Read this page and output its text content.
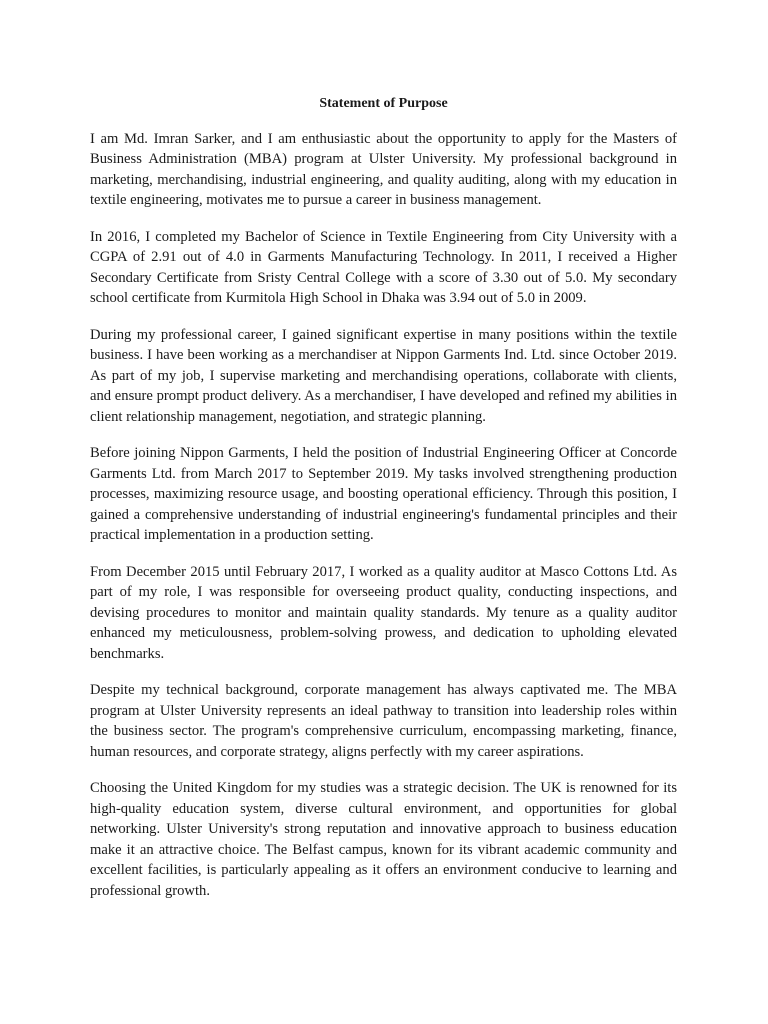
Statement of Purpose

I am Md. Imran Sarker, and I am enthusiastic about the opportunity to apply for the Masters of Business Administration (MBA) program at Ulster University. My professional background in marketing, merchandising, industrial engineering, and quality auditing, along with my education in textile engineering, motivates me to pursue a career in business management.

In 2016, I completed my Bachelor of Science in Textile Engineering from City University with a CGPA of 2.91 out of 4.0 in Garments Manufacturing Technology. In 2011, I received a Higher Secondary Certificate from Sristy Central College with a score of 3.30 out of 5.0. My secondary school certificate from Kurmitola High School in Dhaka was 3.94 out of 5.0 in 2009.

During my professional career, I gained significant expertise in many positions within the textile business. I have been working as a merchandiser at Nippon Garments Ind. Ltd. since October 2019. As part of my job, I supervise marketing and merchandising operations, collaborate with clients, and ensure prompt product delivery. As a merchandiser, I have developed and refined my abilities in client relationship management, negotiation, and strategic planning.

Before joining Nippon Garments, I held the position of Industrial Engineering Officer at Concorde Garments Ltd. from March 2017 to September 2019. My tasks involved strengthening production processes, maximizing resource usage, and boosting operational efficiency. Through this position, I gained a comprehensive understanding of industrial engineering's fundamental principles and their practical implementation in a production setting.

From December 2015 until February 2017, I worked as a quality auditor at Masco Cottons Ltd. As part of my role, I was responsible for overseeing product quality, conducting inspections, and devising procedures to monitor and maintain quality standards. My tenure as a quality auditor enhanced my meticulousness, problem-solving prowess, and dedication to upholding elevated benchmarks.

Despite my technical background, corporate management has always captivated me. The MBA program at Ulster University represents an ideal pathway to transition into leadership roles within the business sector. The program's comprehensive curriculum, encompassing marketing, finance, human resources, and corporate strategy, aligns perfectly with my career aspirations.

Choosing the United Kingdom for my studies was a strategic decision. The UK is renowned for its high-quality education system, diverse cultural environment, and opportunities for global networking. Ulster University's strong reputation and innovative approach to business education make it an attractive choice. The Belfast campus, known for its vibrant academic community and excellent facilities, is particularly appealing as it offers an environment conducive to learning and professional growth.
